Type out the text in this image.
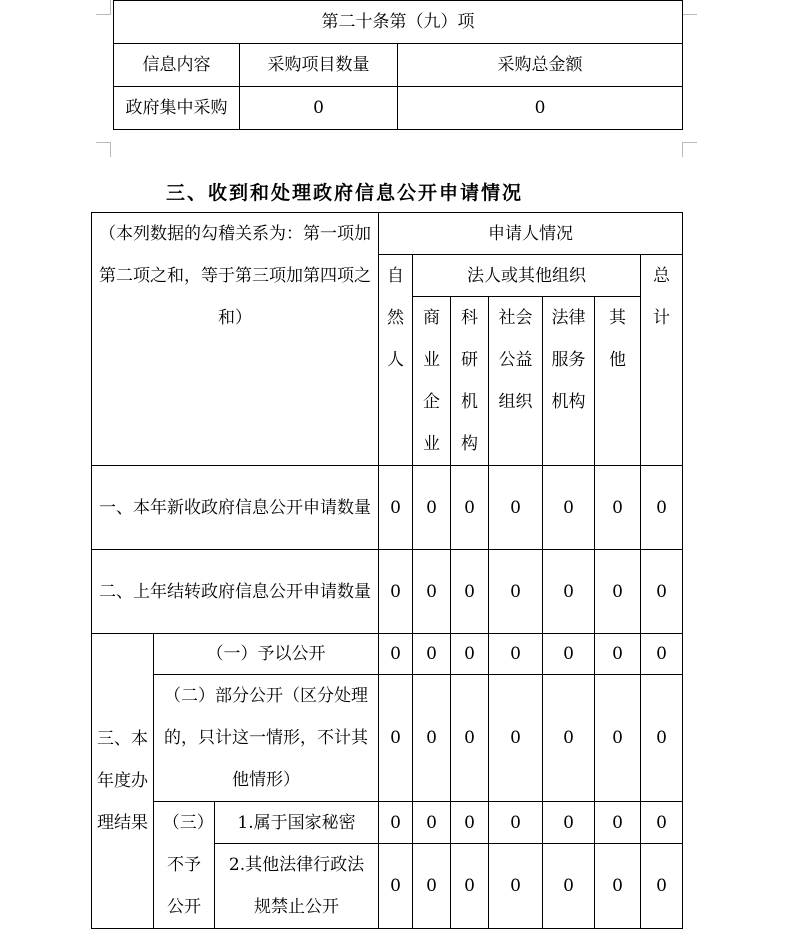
第二十条第（九）项		
信息内容	采购项目数量	采购总金额
政府集中采购	0	0
三、收到和处理政府信息公开申请情况
（本列数据的勾稽关系为：第一项加第二项之和，等于第三项加第四项之和）			申请人情况						
			自然人	法人或其他组织					总计
				商业企业	科研机构	社会公益组织	法律服务机构	其他	
一、本年新收政府信息公开申请数量			0	0	0	0	0	0	0
二、上年结转政府信息公开申请数量			0	0	0	0	0	0	0
三、本年度办理结果	（一）予以公开		0	0	0	0	0	0	0
	（二）部分公开（区分处理的，只计这一情形，不计其他情形）		0	0	0	0	0	0	0
	（三）不予公开	1.属于国家秘密	0	0	0	0	0	0	0
		2.其他法律行政法规禁止公开	0	0	0	0	0	0	0
